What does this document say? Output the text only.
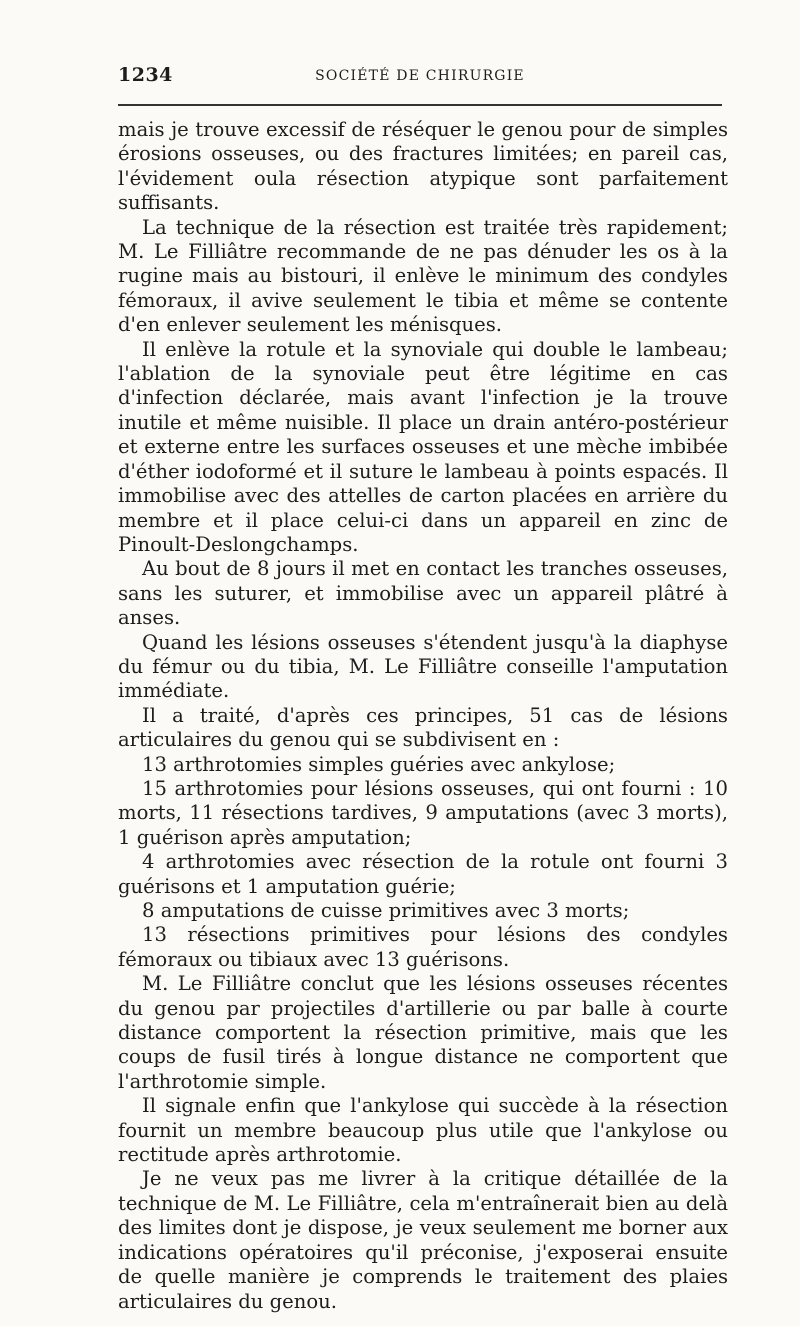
1234	SOCIÉTÉ DE CHIRURGIE

mais je trouve excessif de réséquer le genou pour de simples érosions osseuses, ou des fractures limitées; en pareil cas, l'évidement oula résection atypique sont parfaitement suffisants.

La technique de la résection est traitée très rapidement; M. Le Filliâtre recommande de ne pas dénuder les os à la rugine mais au bistouri, il enlève le minimum des condyles fémoraux, il avive seulement le tibia et même se contente d'en enlever seulement les ménisques.

Il enlève la rotule et la synoviale qui double le lambeau; l'ablation de la synoviale peut être légitime en cas d'infection déclarée, mais avant l'infection je la trouve inutile et même nuisible. Il place un drain antéro-postérieur et externe entre les surfaces osseuses et une mèche imbibée d'éther iodoformé et il suture le lambeau à points espacés. Il immobilise avec des attelles de carton placées en arrière du membre et il place celui-ci dans un appareil en zinc de Pinoult-Deslongchamps.

Au bout de 8 jours il met en contact les tranches osseuses, sans les suturer, et immobilise avec un appareil plâtré à anses.

Quand les lésions osseuses s'étendent jusqu'à la diaphyse du fémur ou du tibia, M. Le Filliâtre conseille l'amputation immédiate.

Il a traité, d'après ces principes, 51 cas de lésions articulaires du genou qui se subdivisent en :

13 arthrotomies simples guéries avec ankylose;

15 arthrotomies pour lésions osseuses, qui ont fourni : 10 morts, 11 résections tardives, 9 amputations (avec 3 morts), 1 guérison après amputation;

4 arthrotomies avec résection de la rotule ont fourni 3 guérisons et 1 amputation guérie;

8 amputations de cuisse primitives avec 3 morts;

13 résections primitives pour lésions des condyles fémoraux ou tibiaux avec 13 guérisons.

M. Le Filliâtre conclut que les lésions osseuses récentes du genou par projectiles d'artillerie ou par balle à courte distance comportent la résection primitive, mais que les coups de fusil tirés à longue distance ne comportent que l'arthrotomie simple.

Il signale enfin que l'ankylose qui succède à la résection fournit un membre beaucoup plus utile que l'ankylose ou rectitude après arthrotomie.

Je ne veux pas me livrer à la critique détaillée de la technique de M. Le Filliâtre, cela m'entraînerait bien au delà des limites dont je dispose, je veux seulement me borner aux indications opératoires qu'il préconise, j'exposerai ensuite de quelle manière je comprends le traitement des plaies articulaires du genou.
